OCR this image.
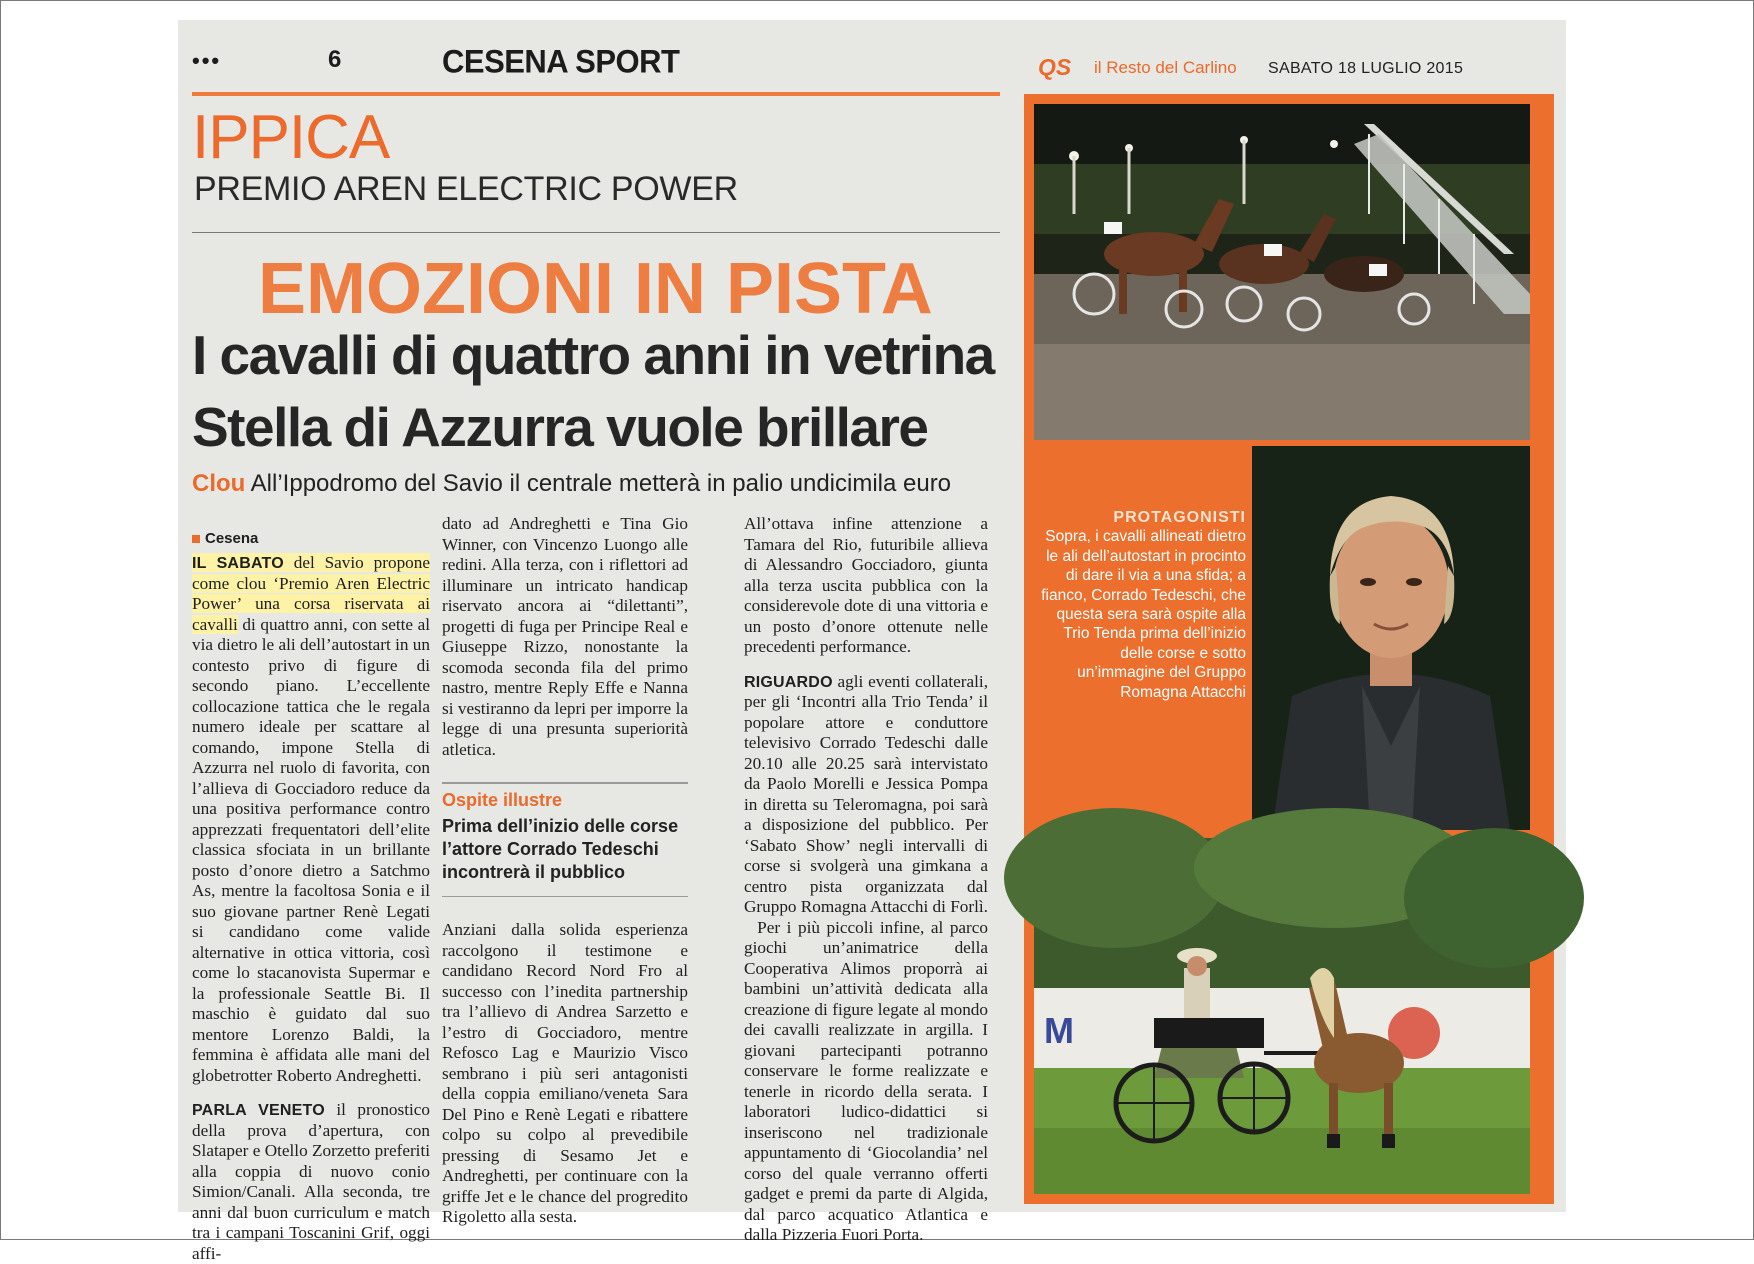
•••	6	CESENA SPORT	QS il Resto del Carlino SABATO 18 LUGLIO 2015
IPPICA
PREMIO AREN ELECTRIC POWER
EMOZIONI IN PISTA
I cavalli di quattro anni in vetrina
Stella di Azzurra vuole brillare
Clou All’Ippodromo del Savio il centrale metterà in palio undicimila euro
Cesena

IL SABATO del Savio propone come clou ‘Premio Aren Electric Power’ una corsa riservata ai cavalli di quattro anni, con sette al via dietro le ali dell’autostart in un contesto privo di figure di secondo piano. L’eccellente collocazione tattica che le regala numero ideale per scattare al comando, impone Stella di Azzurra nel ruolo di favorita, con l’allieva di Gocciadoro reduce da una positiva performance contro apprezzati frequentatori dell’elite classica sfociata in un brillante posto d’onore dietro a Satchmo As, mentre la facoltosa Sonia e il suo giovane partner Renè Legati si candidano come valide alternative in ottica vittoria, così come lo stacanovista Supermar e la professionale Seattle Bi. Il maschio è guidato dal suo mentore Lorenzo Baldi, la femmina è affidata alle mani del globetrotter Roberto Andreghetti.

PARLA VENETO il pronostico della prova d’apertura, con Slataper e Otello Zorzetto preferiti alla coppia di nuovo conio Simion/Canali. Alla seconda, tre anni dal buon curriculum e match tra i campani Toscanini Grif, oggi affi-

dato ad Andreghetti e Tina Gio Winner, con Vincenzo Luongo alle redini. Alla terza, con i riflettori ad illuminare un intricato handicap riservato ancora ai “dilettanti”, progetti di fuga per Principe Real e Giuseppe Rizzo, nonostante la scomoda seconda fila del primo nastro, mentre Reply Effe e Nanna si vestiranno da lepri per imporre la legge di una presunta superiorità atletica.

Ospite illustre
Prima dell’inizio delle corse l’attore Corrado Tedeschi incontrerà il pubblico

Anziani dalla solida esperienza raccolgono il testimone e candidano Record Nord Fro al successo con l’inedita partnership tra l’allievo di Andrea Sarzetto e l’estro di Gocciadoro, mentre Refosco Lag e Maurizio Visco sembrano i più seri antagonisti della coppia emiliano/veneta Sara Del Pino e Renè Legati e ribattere colpo su colpo al prevedibile pressing di Sesamo Jet e Andreghetti, per continuare con la griffe Jet e le chance del progredito Rigoletto alla sesta.

All’ottava infine attenzione a Tamara del Rio, futuribile allieva di Alessandro Gocciadoro, giunta alla terza uscita pubblica con la considerevole dote di una vittoria e un posto d’onore ottenute nelle precedenti performance.

RIGUARDO agli eventi collaterali, per gli ‘Incontri alla Trio Tenda’ il popolare attore e conduttore televisivo Corrado Tedeschi dalle 20.10 alle 20.25 sarà intervistato da Paolo Morelli e Jessica Pompa in diretta su Teleromagna, poi sarà a disposizione del pubblico. Per ‘Sabato Show’ negli intervalli di corse si svolgerà una gimkana a centro pista organizzata dal Gruppo Romagna Attacchi di Forlì.

Per i più piccoli infine, al parco giochi un’animatrice della Cooperativa Alimos proporrà ai bambini un’attività dedicata alla creazione di figure legate al mondo dei cavalli realizzate in argilla. I giovani partecipanti potranno conservare le forme realizzate e tenerle in ricordo della serata. I laboratori ludico-didattici si inseriscono nel tradizionale appuntamento di ‘Giocolandia’ nel corso del quale verranno offerti gadget e premi da parte di Algida, dal parco acquatico Atlantica e dalla Pizzeria Fuori Porta.

PROTAGONISTI
Sopra, i cavalli allineati dietro le ali dell’autostart in procinto di dare il via a una sfida; a fianco, Corrado Tedeschi, che questa sera sarà ospite alla Trio Tenda prima dell’inizio delle corse e sotto un’immagine del Gruppo Romagna Attacchi
M
